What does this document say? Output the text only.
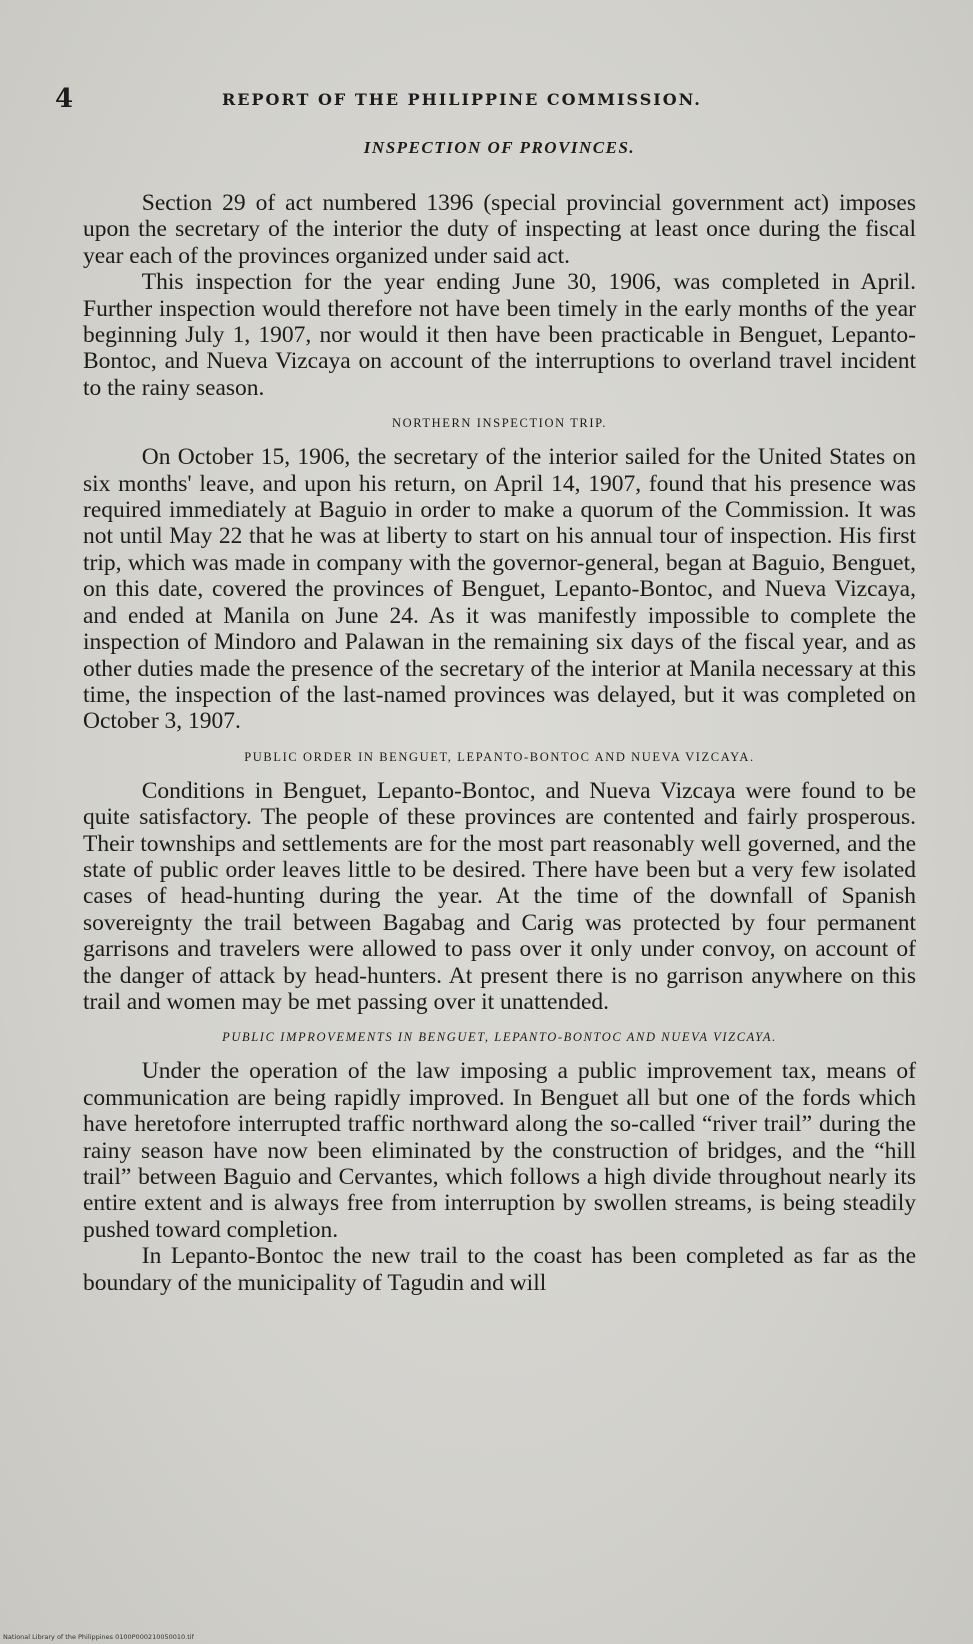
4	REPORT OF THE PHILIPPINE COMMISSION.
INSPECTION OF PROVINCES.

Section 29 of act numbered 1396 (special provincial government act) imposes upon the secretary of the interior the duty of inspecting at least once during the fiscal year each of the provinces organized under said act.

This inspection for the year ending June 30, 1906, was completed in April. Further inspection would therefore not have been timely in the early months of the year beginning July 1, 1907, nor would it then have been practicable in Benguet, Lepanto-Bontoc, and Nueva Vizcaya on account of the interruptions to overland travel incident to the rainy season.

NORTHERN INSPECTION TRIP.

On October 15, 1906, the secretary of the interior sailed for the United States on six months' leave, and upon his return, on April 14, 1907, found that his presence was required immediately at Baguio in order to make a quorum of the Commission. It was not until May 22 that he was at liberty to start on his annual tour of inspection. His first trip, which was made in company with the governor-general, began at Baguio, Benguet, on this date, covered the provinces of Benguet, Lepanto-Bontoc, and Nueva Vizcaya, and ended at Manila on June 24. As it was manifestly impossible to complete the inspection of Mindoro and Palawan in the remaining six days of the fiscal year, and as other duties made the presence of the secretary of the interior at Manila necessary at this time, the inspection of the last-named provinces was delayed, but it was completed on October 3, 1907.

PUBLIC ORDER IN BENGUET, LEPANTO-BONTOC AND NUEVA VIZCAYA.

Conditions in Benguet, Lepanto-Bontoc, and Nueva Vizcaya were found to be quite satisfactory. The people of these provinces are contented and fairly prosperous. Their townships and settlements are for the most part reasonably well governed, and the state of public order leaves little to be desired. There have been but a very few isolated cases of head-hunting during the year. At the time of the downfall of Spanish sovereignty the trail between Bagabag and Carig was protected by four permanent garrisons and travelers were allowed to pass over it only under convoy, on account of the danger of attack by head-hunters. At present there is no garrison anywhere on this trail and women may be met passing over it unattended.

PUBLIC IMPROVEMENTS IN BENGUET, LEPANTO-BONTOC AND NUEVA VIZCAYA.

Under the operation of the law imposing a public improvement tax, means of communication are being rapidly improved. In Benguet all but one of the fords which have heretofore interrupted traffic northward along the so-called “river trail” during the rainy season have now been eliminated by the construction of bridges, and the “hill trail” between Baguio and Cervantes, which follows a high divide throughout nearly its entire extent and is always free from interruption by swollen streams, is being steadily pushed toward completion.

In Lepanto-Bontoc the new trail to the coast has been completed as far as the boundary of the municipality of Tagudin and will

National Library of the Philippines 0100P000210050010.tif
